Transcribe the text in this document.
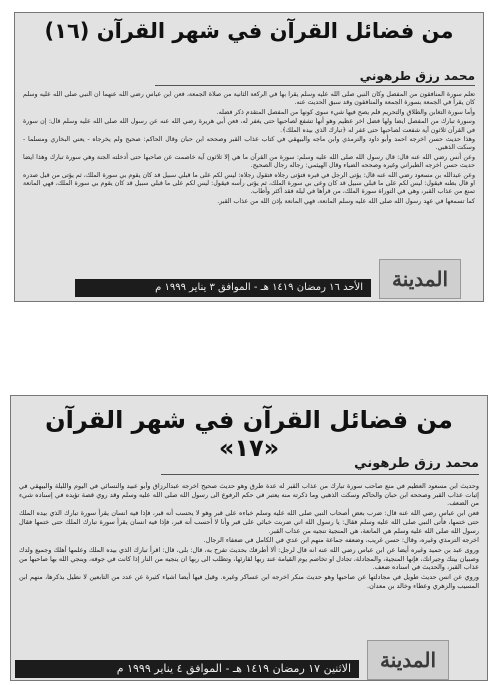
من فضائل القرآن في شهر القرآن (١٦)
محمد رزق طرهوني

تعلم سورة المنافقون من المفصل وكان النبي صلى الله عليه وسلم يقرأ بها في الركعة الثانية من صلاة الجمعة، فعن ابن عباس رضي الله عنهما أن النبي صلى الله عليه وسلم كان يقرأ في الجمعة بسورة الجمعة والمنافقون وقد سبق الحديث عنه.

وأما سورة التغابن والطلاق والتحريم فلم يصح فيها شيء سوى كونها من المفصل المتقدم ذكر فضله.

وسورة تبارك من المفصل ايضا ولها فضل اخر عظيم وهو أنها تشفع لصاحبها حتى يغفر له، فعن أبي هريرة رضي الله عنه عن رسول الله صلى الله عليه وسلم قال: إن سورة في القرآن ثلاثون آية شفعت لصاحبها حتى غفر له ﴿تبارك الذي بيده الملك﴾.

وهذا حديث حسن اخرجه احمد وأبو داود والترمذي وابن ماجه والبيهقي في كتاب عذاب القبر وصححه ابن حبان وقال الحاكم: صحيح ولم يخرجاه - يعني البخاري ومسلما - وسكت الذهبي.

وعن أنس رضي الله عنه قال: قال رسول الله صلى الله عليه وسلم: سورة من القرآن ما هي إلا ثلاثون آية خاصمت عن صاحبها حتى أدخلته الجنة وهي سورة تبارك وهذا ايضا حديث حسن اخرجه الطبراني وغيره وصححه الضياء وقال الهيثمي: رجاله رجال الصحيح.

وعن عبدالله بن مسعود رضي الله عنه قال: يؤتى الرجل في قبره فتؤتى رجلاه فتقول رجلاه: ليس لكم على ما قبلي سبيل قد كان يقوم بي سورة الملك، ثم يؤتى من قبل صدره او قال بطنه فيقول: ليس لكم على ما قبلي سبيل قد كان وعى بي سورة الملك، ثم يؤتى رأسه فيقول: ليس لكم على ما قبلي سبيل قد كان يقوم بي سورة الملك، فهي المانعة تمنع من عذاب القبر، وهي في التوراة سورة الملك، من قرأها في ليلة فقد أكثر وأطاب.

كما تسمعها في عهد رسول الله صلى الله عليه وسلم المانعة، فهي المانعة بإذن الله من عذاب القبر.

الأحد ١٦ رمضان ١٤١٩ هـ - الموافق ٣ يناير ١٩٩٩ م	المدينة
من فضائل القرآن في شهر القرآن «١٧»
محمد رزق طرهوني

وحديث ابن مسعود العظيم في منع صاحب سورة تبارك من عذاب القبر له عدة طرق وهو حديث صحيح اخرجه عبدالرزاق وأبو عبيد والنسائي في اليوم والليلة والبيهقي في إثبات عذاب القبر وصححه ابن حبان والحاكم وسكت الذهبي وما ذكرته منه يعتبر في حكم الرفوع الى رسول الله صلى الله عليه وسلم وقد روي قصة تؤيده في إسناده شيء من الضعف.

فعن ابن عباس رضي الله عنه قال: ضرب بعض أصحاب النبي صلى الله عليه وسلم خباءه على قبر وهو لا يحسب أنه قبر، فإذا فيه انسان يقرأ سورة تبارك الذي بيده الملك حتى ختمها، فأتى النبي صلى الله عليه وسلم فقال: يا رسول الله اني ضربت خبائي على قبر وأنا لا أحسب أنه قبر، فإذا فيه انسان يقرأ سورة تبارك الملك حتى ختمها فقال رسول الله صلى الله عليه وسلم هي المانعة، هي المنجية تنجيه من عذاب القبر.

اخرجه الترمذي وغيره، وقال: حسن غريب، وضعفه جماعة منهم ابن عدي في الكامل في ضعفاء الرجال.

وروى عبد بن حميد وغيره أيضا عن ابن عباس رضي الله عنه انه قال لرجل: ألا أطرفك بحديث تفرح به، قال: بلى، قال: اقرأ تبارك الذي بيده الملك وعلمها أهلك وجميع ولدك وصبيان بيتك وجيرانك، فإنها المنجية، والمجادلة، تجادل او تخاصم يوم القيامة عند ربها لقارئها، وتطلب الى ربها ان ينجيه من النار إذا كانت في جوفه، وينجي الله بها صاحبها من عذاب القبر، والحديث في اسناده ضعف.

وروي عن انس حديث طويل في مجادلتها عن صاحبها وهو حديث منكر اخرجه ابن عساكر وغيره. وقيل فيها أيضا اشياء كثيرة عن عدد من التابعين لا نطيل بذكرها، منهم ابن المسيب والزهري وعطاء وخالد بن معدان.

الاثنين ١٧ رمضان ١٤١٩ هـ - الموافق ٤ يناير ١٩٩٩ م	المدينة
